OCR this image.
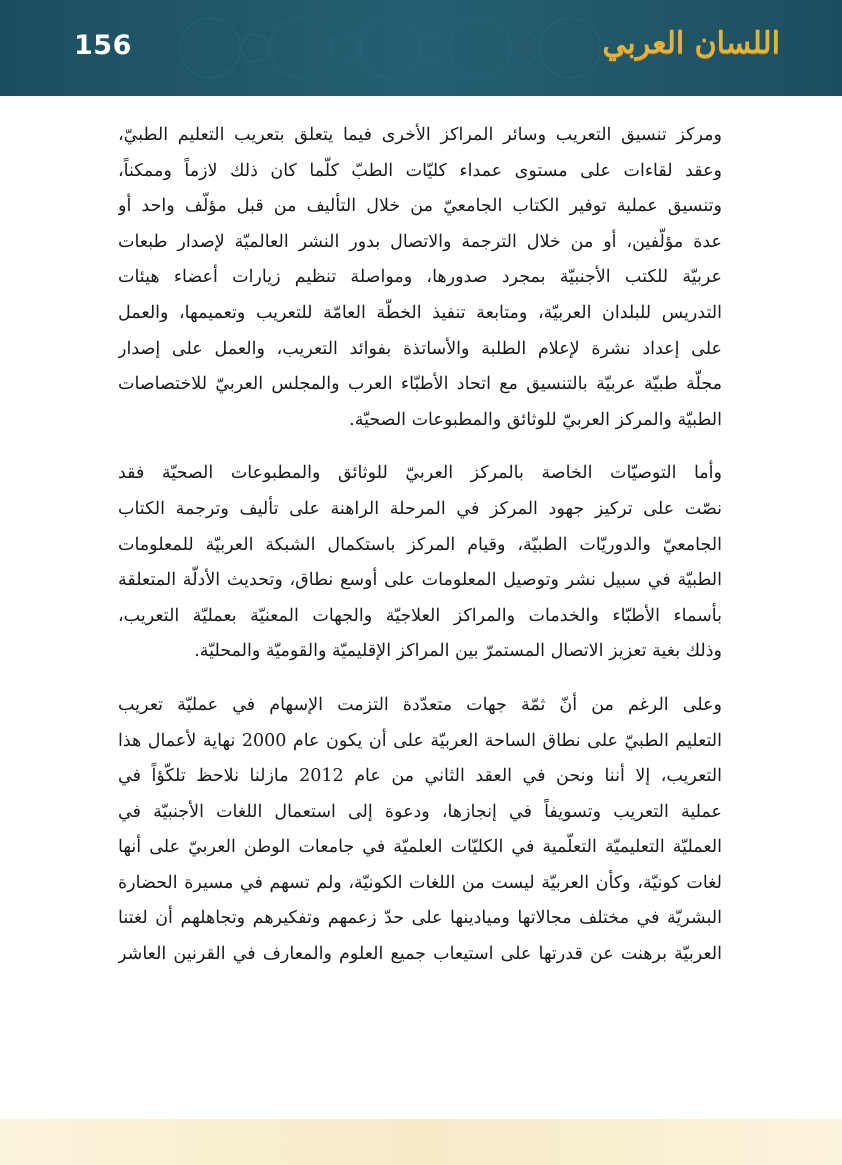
156	اللسان العربي

ومركز تنسيق التعريب وسائر المراكز الأخرى فيما يتعلق بتعريب التعليم الطبيّ،

وعقد لقاءات على مستوى عمداء كليّات الطبّ كلّما كان ذلك لازماً وممكناً،

وتنسيق عملية توفير الكتاب الجامعيّ من خلال التأليف من قبل مؤلّف واحد أو

عدة مؤلّفين، أو من خلال الترجمة والاتصال بدور النشر العالميّة لإصدار طبعات

عربيّة للكتب الأجنبيّة بمجرد صدورها، ومواصلة تنظيم زيارات أعضاء هيئات

التدريس للبلدان العربيّة، ومتابعة تنفيذ الخطّة العامّة للتعريب وتعميمها، والعمل

على إعداد نشرة لإعلام الطلبة والأساتذة بفوائد التعريب، والعمل على إصدار

مجلّة طبيّة عربيّة بالتنسيق مع اتحاد الأطبّاء العرب والمجلس العربيّ للاختصاصات

الطبيّة والمركز العربيّ للوثائق والمطبوعات الصحيّة.

وأما التوصيّات الخاصة بالمركز العربيّ للوثائق والمطبوعات الصحيّة فقد

نصّت على تركيز جهود المركز في المرحلة الراهنة على تأليف وترجمة الكتاب

الجامعيّ والدوريّات الطبيّة، وقيام المركز باستكمال الشبكة العربيّة للمعلومات

الطبيّة في سبيل نشر وتوصيل المعلومات على أوسع نطاق، وتحديث الأدلّة المتعلقة

بأسماء الأطبّاء والخدمات والمراكز العلاجيّة والجهات المعنيّة بعمليّة التعريب،

وذلك بغية تعزيز الاتصال المستمرّ بين المراكز الإقليميّة والقوميّة والمحليّة.

وعلى الرغم من أنّ ثمّة جهات متعدّدة التزمت الإسهام في عمليّة تعريب

التعليم الطبيّ على نطاق الساحة العربيّة على أن يكون عام 2000 نهاية لأعمال هذا

التعريب، إلا أننا ونحن في العقد الثاني من عام 2012 مازلنا نلاحظ تلكّؤاً في

عملية التعريب وتسويفاً في إنجازها، ودعوة إلى استعمال اللغات الأجنبيّة في

العمليّة التعليميّة التعلّمية في الكليّات العلميّة في جامعات الوطن العربيّ على أنها

لغات كونيّة، وكأن العربيّة ليست من اللغات الكونيّة، ولم تسهم في مسيرة الحضارة

البشريّة في مختلف مجالاتها وميادينها على حدّ زعمهم وتفكيرهم وتجاهلهم أن لغتنا

العربيّة برهنت عن قدرتها على استيعاب جميع العلوم والمعارف في القرنين العاشر
